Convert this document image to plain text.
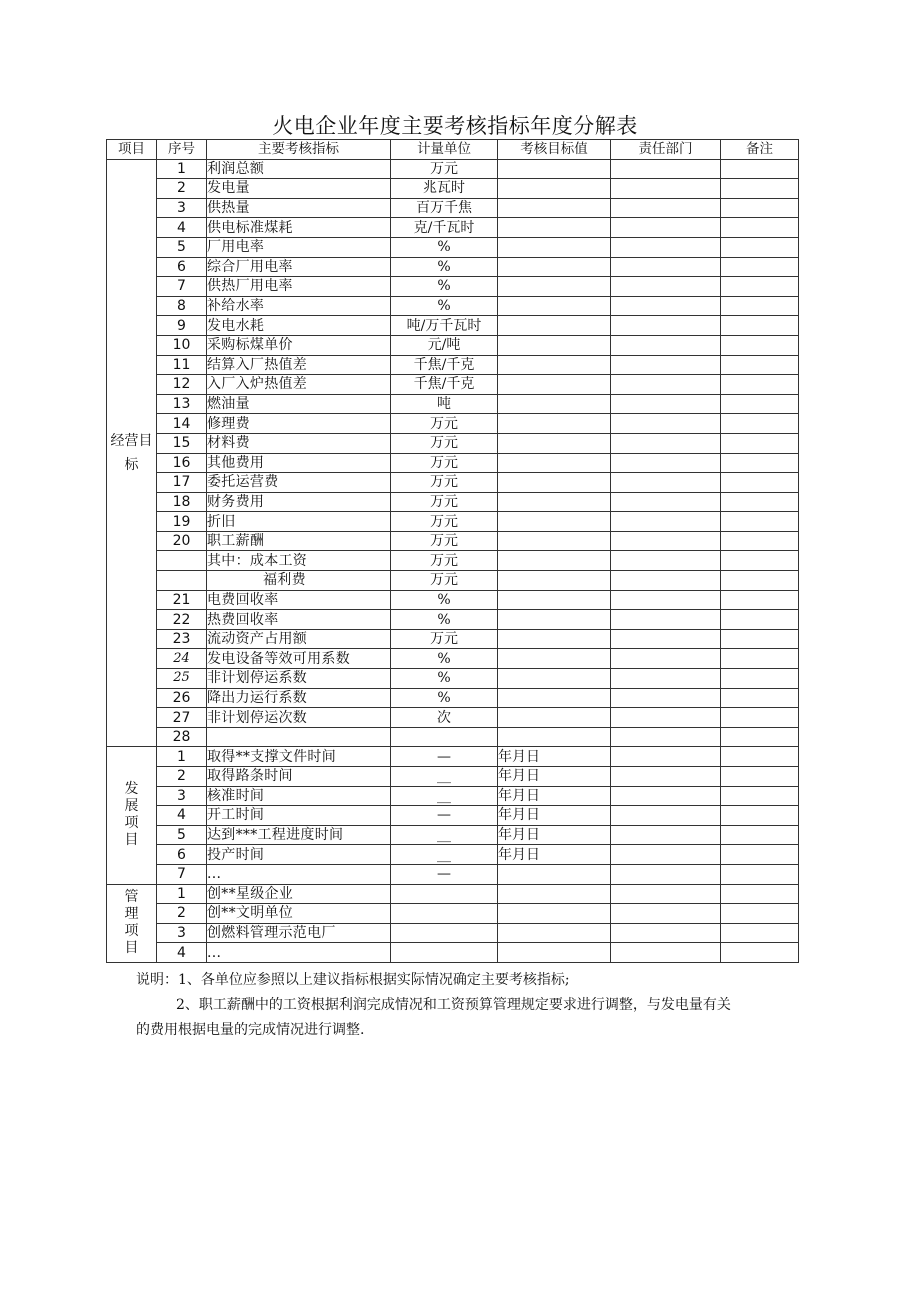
火电企业年度主要考核指标年度分解表
项目	序号	主要考核指标	计量单位	考核目标值	责任部门	备注

经营目
标	1	利润总额	万元			
	2	发电量	兆瓦时			
	3	供热量	百万千焦			
	4	供电标准煤耗	克/千瓦时			
	5	厂用电率	%			
	6	综合厂用电率	%			
	7	供热厂用电率	%			
	8	补给水率	%			
	9	发电水耗	吨/万千瓦时			
	10	采购标煤单价	元/吨			
	11	结算入厂热值差	千焦/千克			
	12	入厂入炉热值差	千焦/千克			
	13	燃油量	吨			
	14	修理费	万元			
	15	材料费	万元			
	16	其他费用	万元			
	17	委托运营费	万元			
	18	财务费用	万元			
	19	折旧	万元			
	20	职工薪酬	万元			
		其中：成本工资	万元			
		福利费	万元			
	21	电费回收率	%			
	22	热费回收率	%			
	23	流动资产占用额	万元			
	24	发电设备等效可用系数	%			
	25	非计划停运系数	%			
	26	降出力运行系数	%			
	27	非计划停运次数	次			
	28					

发
展
项
目	1	取得**支撑文件时间	—	年月日		
	2	取得路条时间	__	年月日		
	3	核准时间	__	年月日		
	4	开工时间	—	年月日		
	5	达到***工程进度时间	__	年月日		
	6	投产时间	__	年月日		
	7	...	—			

管
理
项
目	1	创**星级企业				
	2	创**文明单位				
	3	创燃料管理示范电厂				
	4	...				
说明：1、各单位应参照以上建议指标根据实际情况确定主要考核指标;
2、职工薪酬中的工资根据利润完成情况和工资预算管理规定要求进行调整，与发电量有关
的费用根据电量的完成情况进行调整.
